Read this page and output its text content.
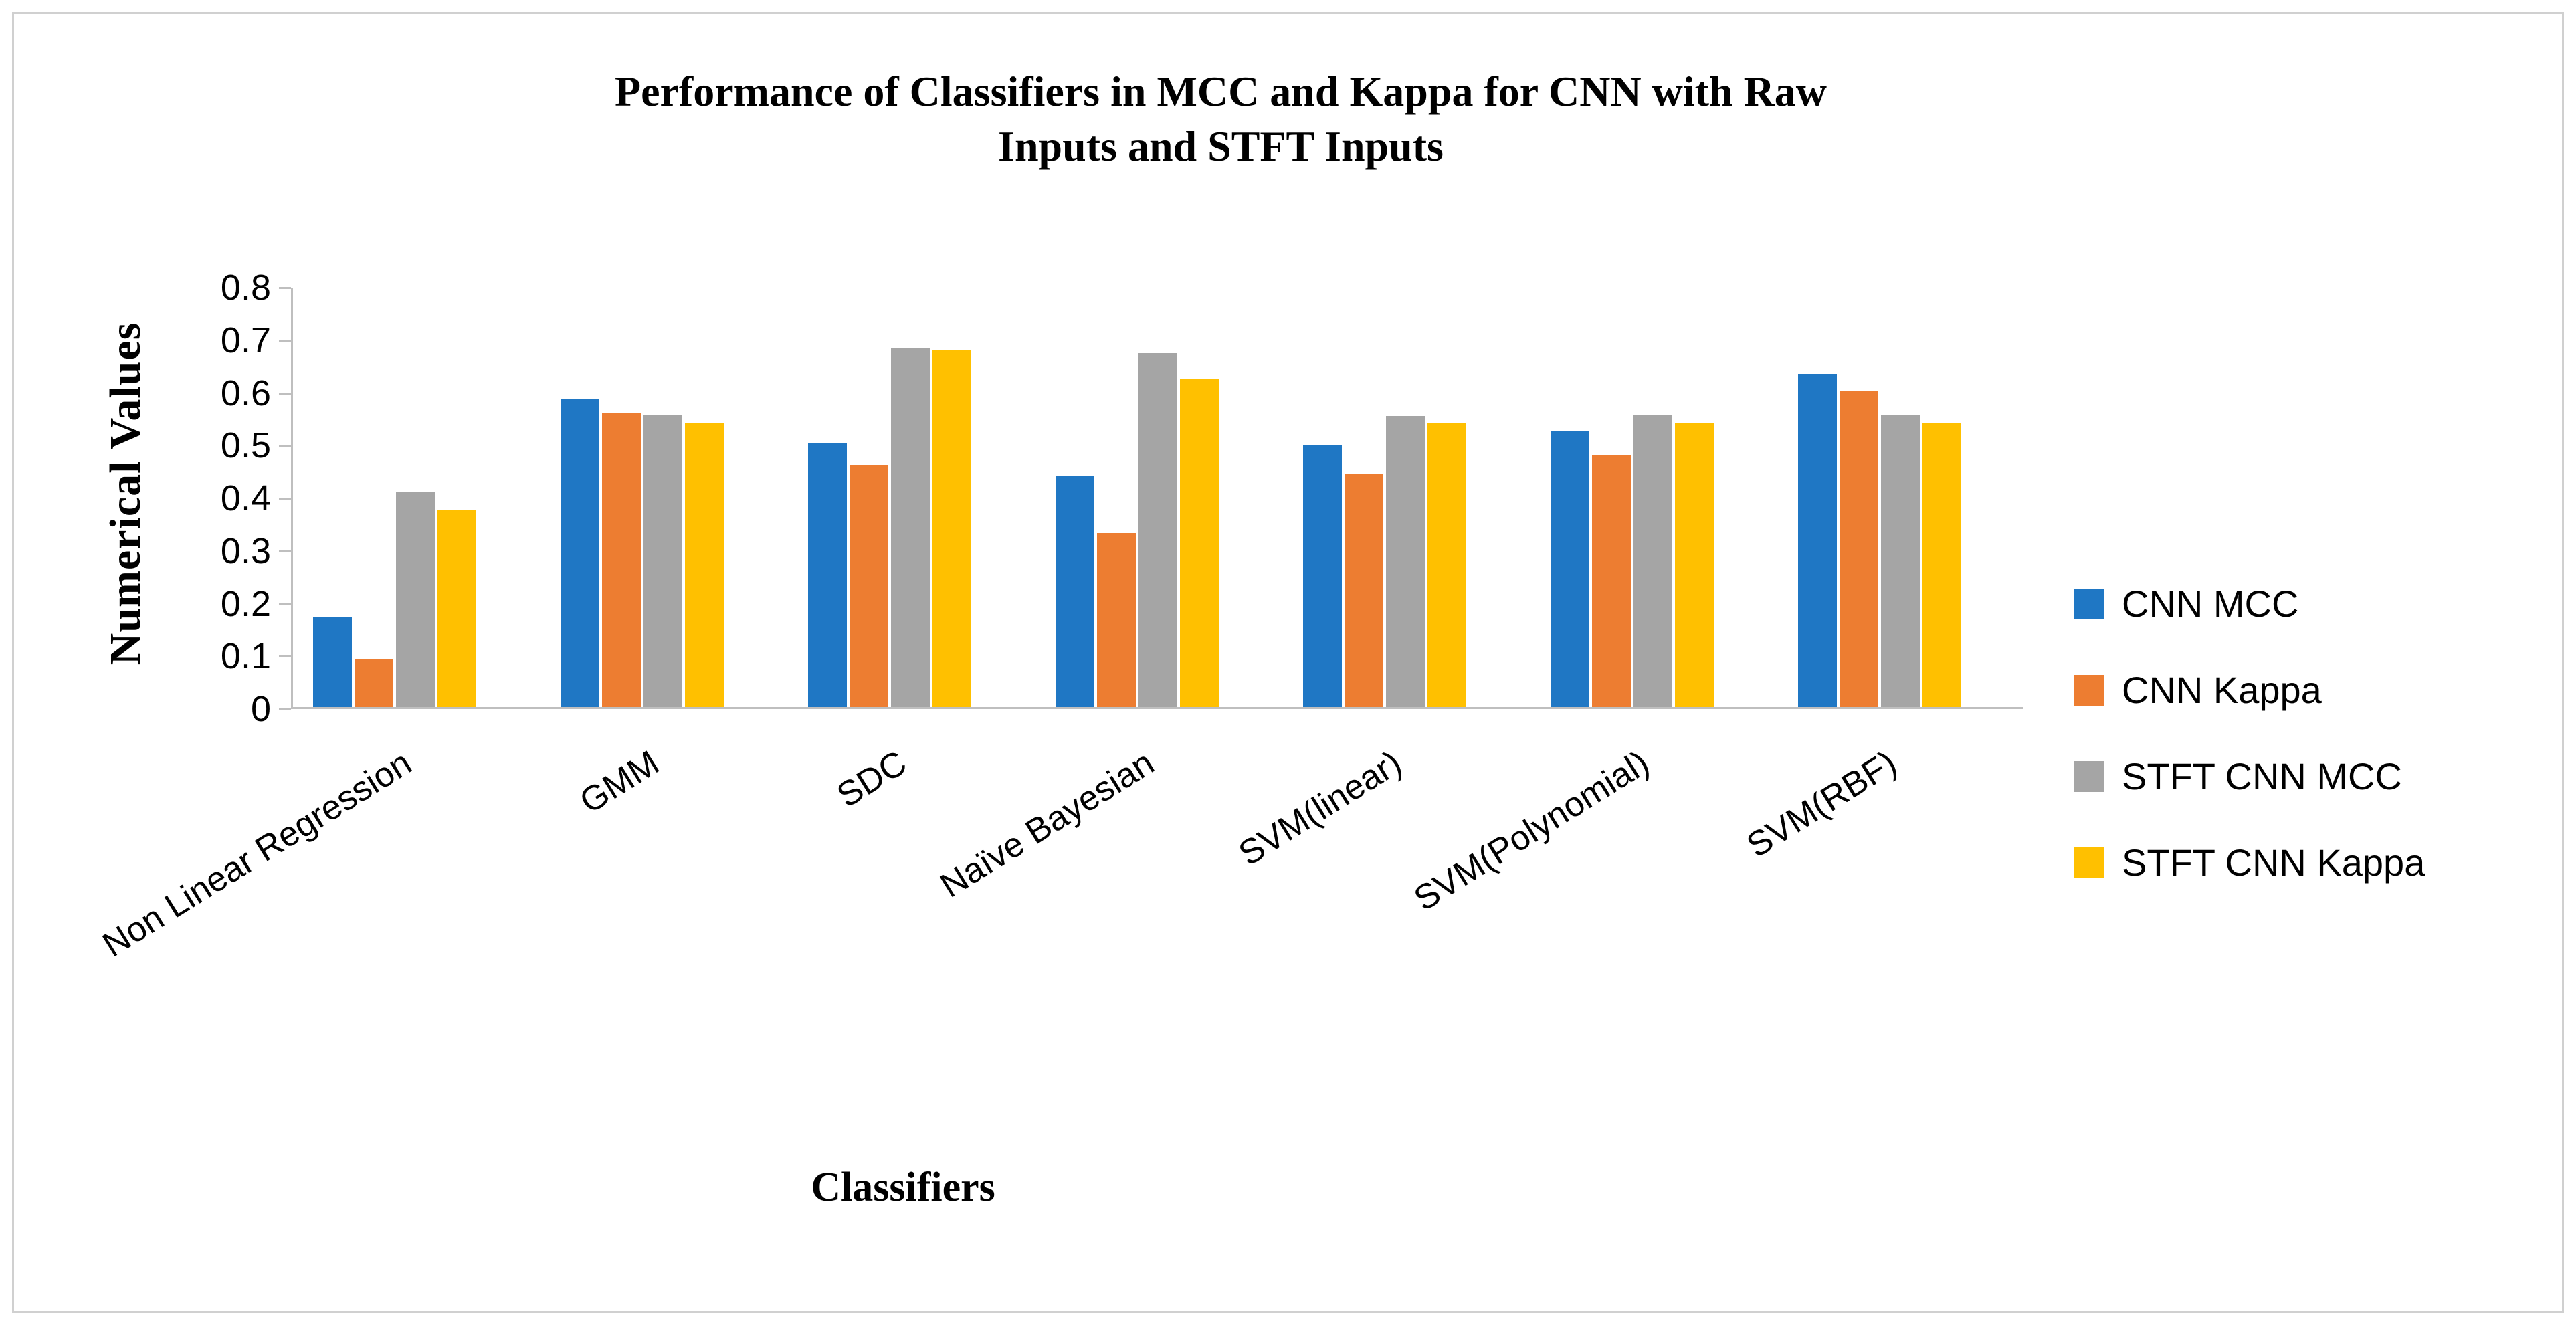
Performance of Classifiers in MCC and Kappa for CNN with Raw
Inputs and STFT Inputs
Numerical Values
Classifiers
0
0.1
0.2
0.3
0.4
0.5
0.6
0.7
0.8
Non Linear Regression	GMM	SDC Naïve Bayesian	SVM(linear)
SVM(Polynomial)	SVM(RBF)
CNN MCC
CNN Kappa
STFT CNN MCC
STFT CNN Kappa
